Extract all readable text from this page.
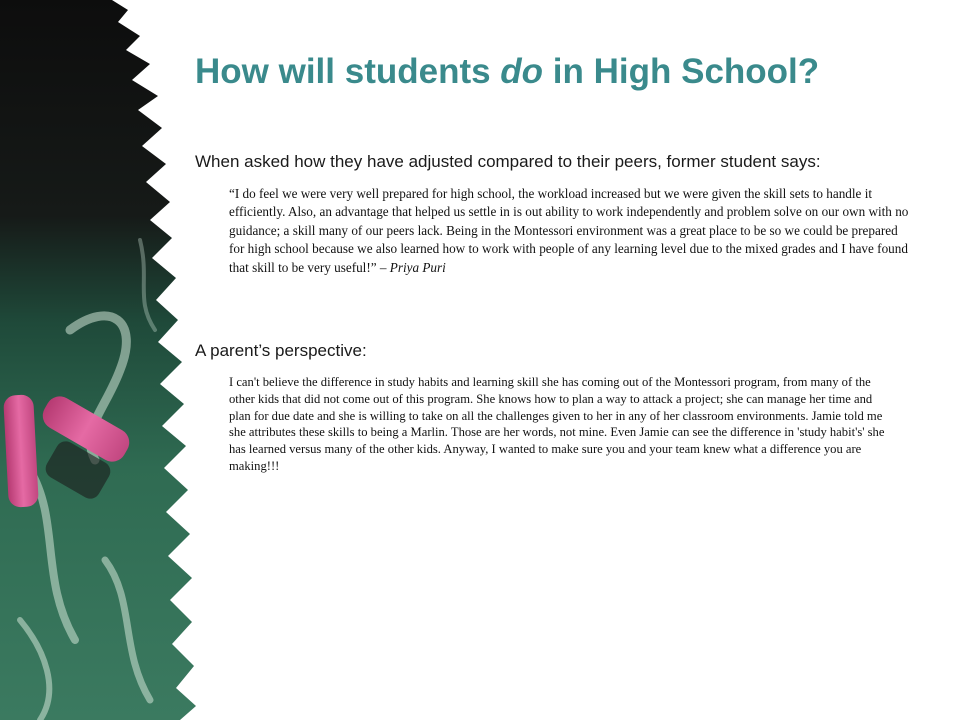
How will students do in High School?

When asked how they have adjusted compared to their peers, former student says:

“I do feel we were very well prepared for high school, the workload increased but we were given the skill sets to handle it efficiently. Also, an advantage that helped us settle in is out ability to work independently and problem solve on our own with no guidance; a skill many of our peers lack. Being in the Montessori environment was a great place to be so we could be prepared for high school because we also learned how to work with people of any learning level due to the mixed grades and I have found that skill to be very useful!” – Priya Puri

A parent’s perspective:

I can't believe the difference in study habits and learning skill she has coming out of the Montessori program, from many of the other kids that did not come out of this program. She knows how to plan a way to attack a project; she can manage her time and plan for due date and she is willing to take on all the challenges given to her in any of her classroom environments. Jamie told me she attributes these skills to being a Marlin. Those are her words, not mine. Even Jamie can see the difference in 'study habit's' she has learned versus many of the other kids. Anyway, I wanted to make sure you and your team knew what a difference you are making!!!
